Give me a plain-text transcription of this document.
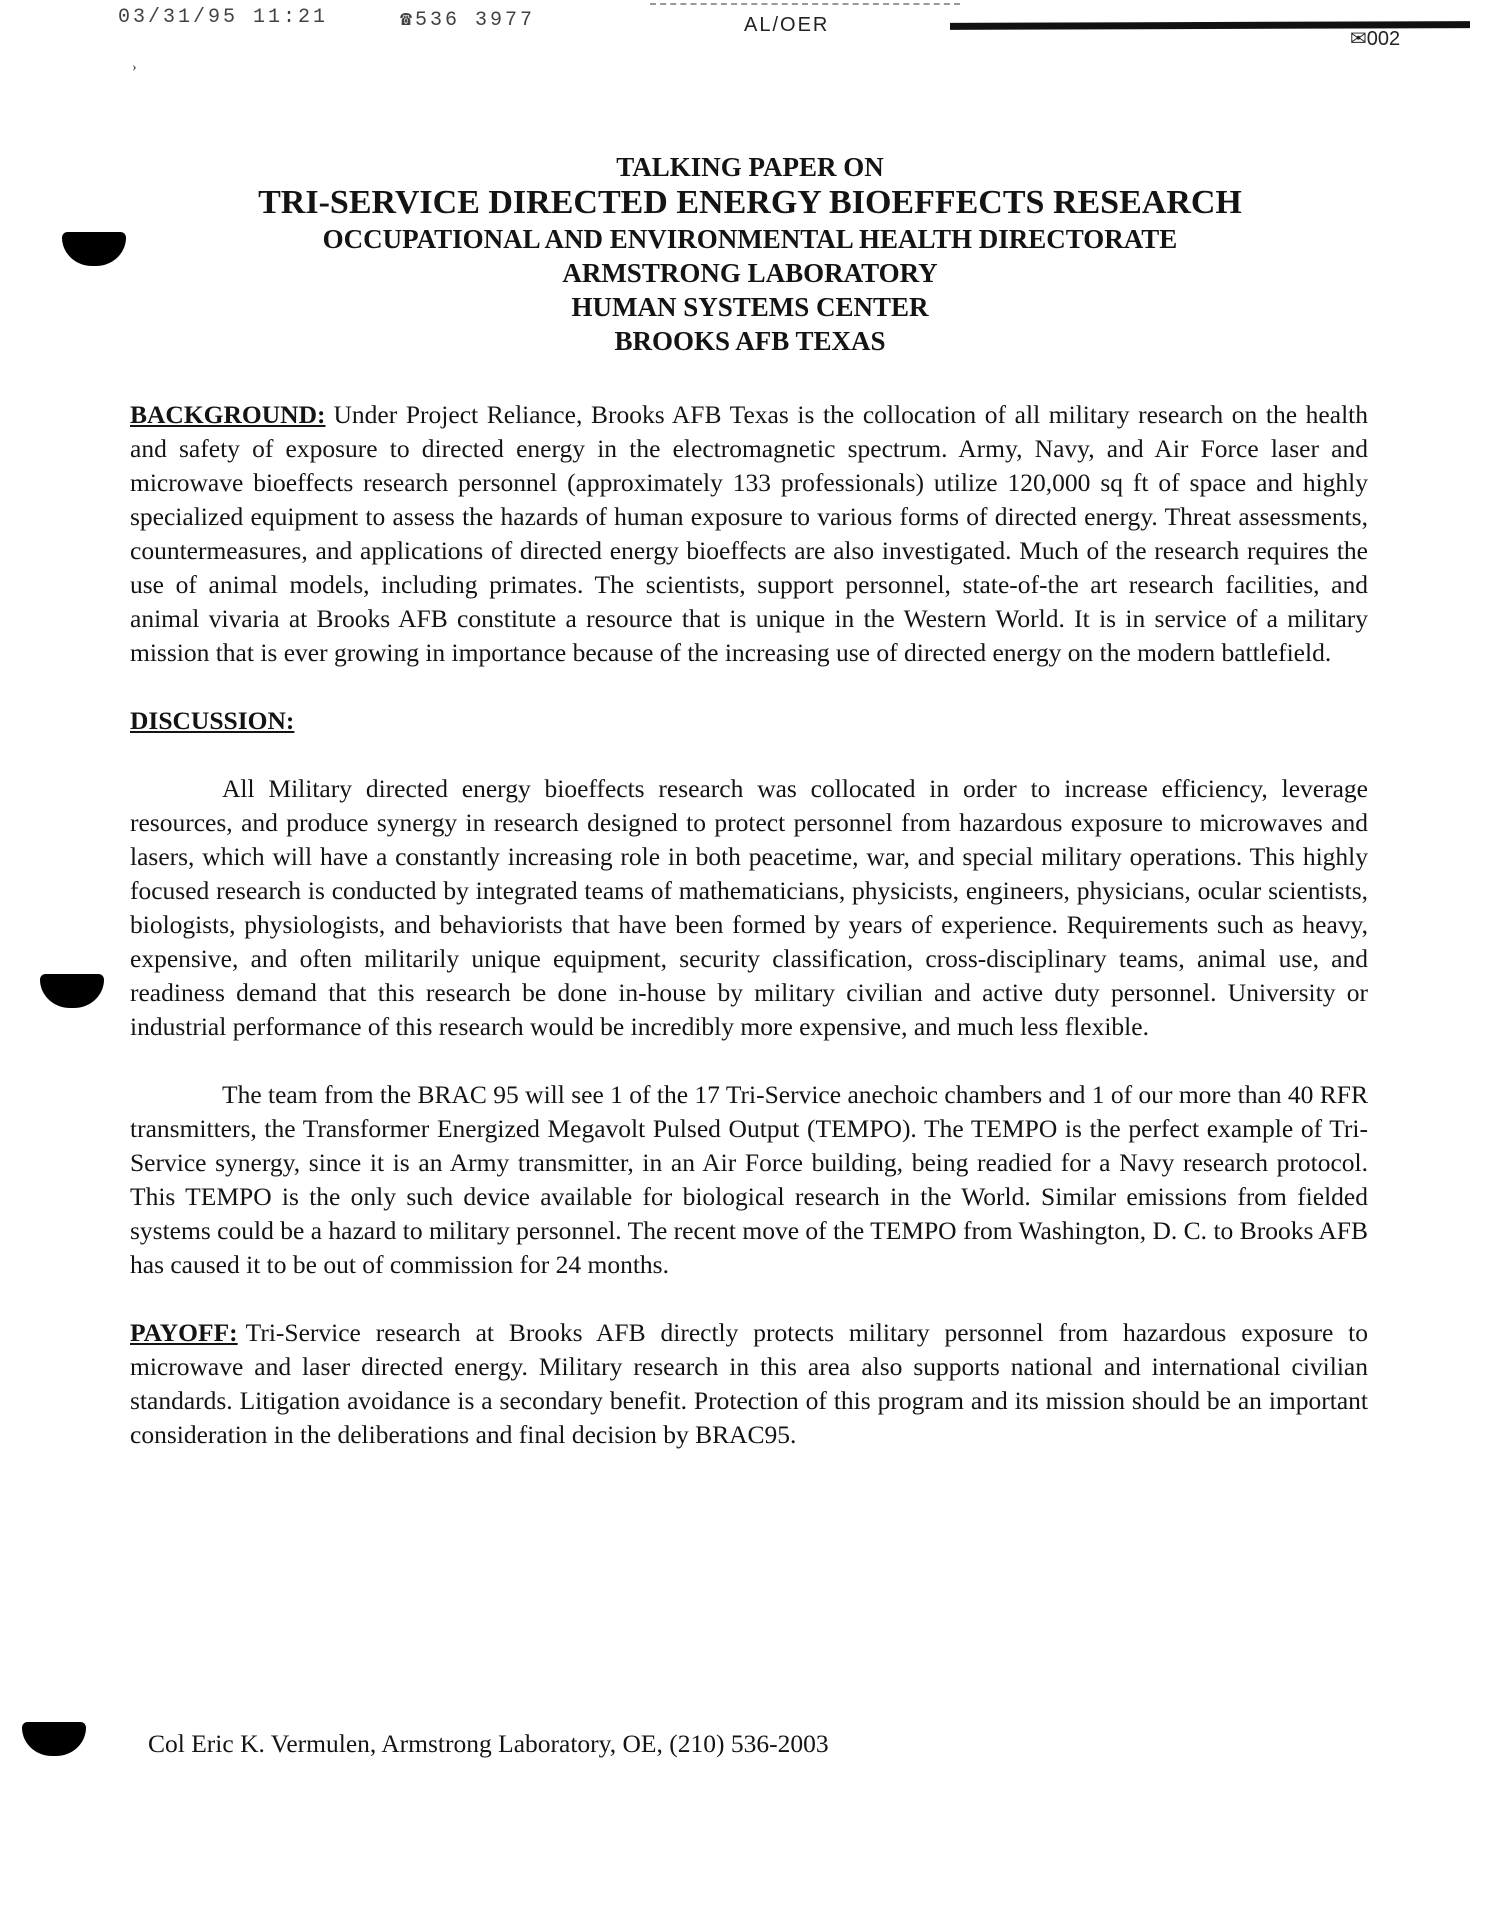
03/31/95 11:21	☎536 3977	AL/OER
✉002
›
TALKING PAPER ON
TRI-SERVICE DIRECTED ENERGY BIOEFFECTS RESEARCH
OCCUPATIONAL AND ENVIRONMENTAL HEALTH DIRECTORATE
ARMSTRONG LABORATORY
HUMAN SYSTEMS CENTER
BROOKS AFB TEXAS

BACKGROUND: Under Project Reliance, Brooks AFB Texas is the collocation of all military research on the health and safety of exposure to directed energy in the electromagnetic spectrum. Army, Navy, and Air Force laser and microwave bioeffects research personnel (approximately 133 professionals) utilize 120,000 sq ft of space and highly specialized equipment to assess the hazards of human exposure to various forms of directed energy. Threat assessments, countermeasures, and applications of directed energy bioeffects are also investigated. Much of the research requires the use of animal models, including primates. The scientists, support personnel, state-of-the art research facilities, and animal vivaria at Brooks AFB constitute a resource that is unique in the Western World. It is in service of a military mission that is ever growing in importance because of the increasing use of directed energy on the modern battlefield.

DISCUSSION:

All Military directed energy bioeffects research was collocated in order to increase efficiency, leverage resources, and produce synergy in research designed to protect personnel from hazardous exposure to microwaves and lasers, which will have a constantly increasing role in both peacetime, war, and special military operations. This highly focused research is conducted by integrated teams of mathematicians, physicists, engineers, physicians, ocular scientists, biologists, physiologists, and behaviorists that have been formed by years of experience. Requirements such as heavy, expensive, and often militarily unique equipment, security classification, cross-disciplinary teams, animal use, and readiness demand that this research be done in-house by military civilian and active duty personnel. University or industrial performance of this research would be incredibly more expensive, and much less flexible.

The team from the BRAC 95 will see 1 of the 17 Tri-Service anechoic chambers and 1 of our more than 40 RFR transmitters, the Transformer Energized Megavolt Pulsed Output (TEMPO). The TEMPO is the perfect example of Tri-Service synergy, since it is an Army transmitter, in an Air Force building, being readied for a Navy research protocol. This TEMPO is the only such device available for biological research in the World. Similar emissions from fielded systems could be a hazard to military personnel. The recent move of the TEMPO from Washington, D. C. to Brooks AFB has caused it to be out of commission for 24 months.

PAYOFF: Tri-Service research at Brooks AFB directly protects military personnel from hazardous exposure to microwave and laser directed energy. Military research in this area also supports national and international civilian standards. Litigation avoidance is a secondary benefit. Protection of this program and its mission should be an important consideration in the deliberations and final decision by BRAC95.

Col Eric K. Vermulen, Armstrong Laboratory, OE, (210) 536-2003
